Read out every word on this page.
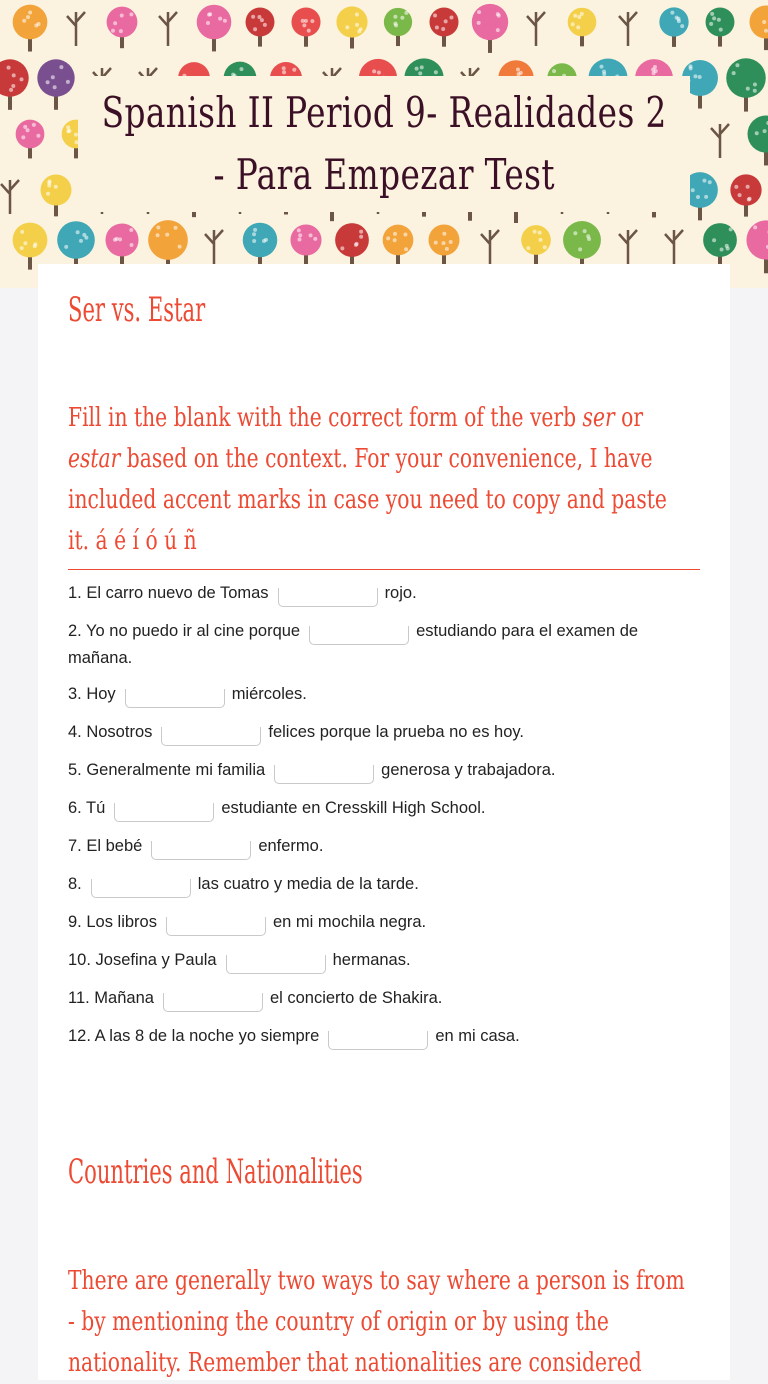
Spanish II Period 9- Realidades 2
- Para Empezar Test
Ser vs. Estar
Fill in the blank with the correct form of the verb ser or
estar based on the context. For your convenience, I have
included accent marks in case you need to copy and paste
it. á é í ó ú ñ
1. El carro nuevo de Tomas	rojo.
2. Yo no puedo ir al cine porque	estudiando para el examen de
mañana.
3. Hoy	miércoles.
4. Nosotros	felices porque la prueba no es hoy.
5. Generalmente mi familia	generosa y trabajadora.
6. Tú	estudiante en Cresskill High School.
7. El bebé	enfermo.
8.	las cuatro y media de la tarde.
9. Los libros	en mi mochila negra.
10. Josefina y Paula	hermanas.
11. Mañana	el concierto de Shakira.
12. A las 8 de la noche yo siempre	en mi casa.
Countries and Nationalities
There are generally two ways to say where a person is from
- by mentioning the country of origin or by using the
nationality. Remember that nationalities are considered
